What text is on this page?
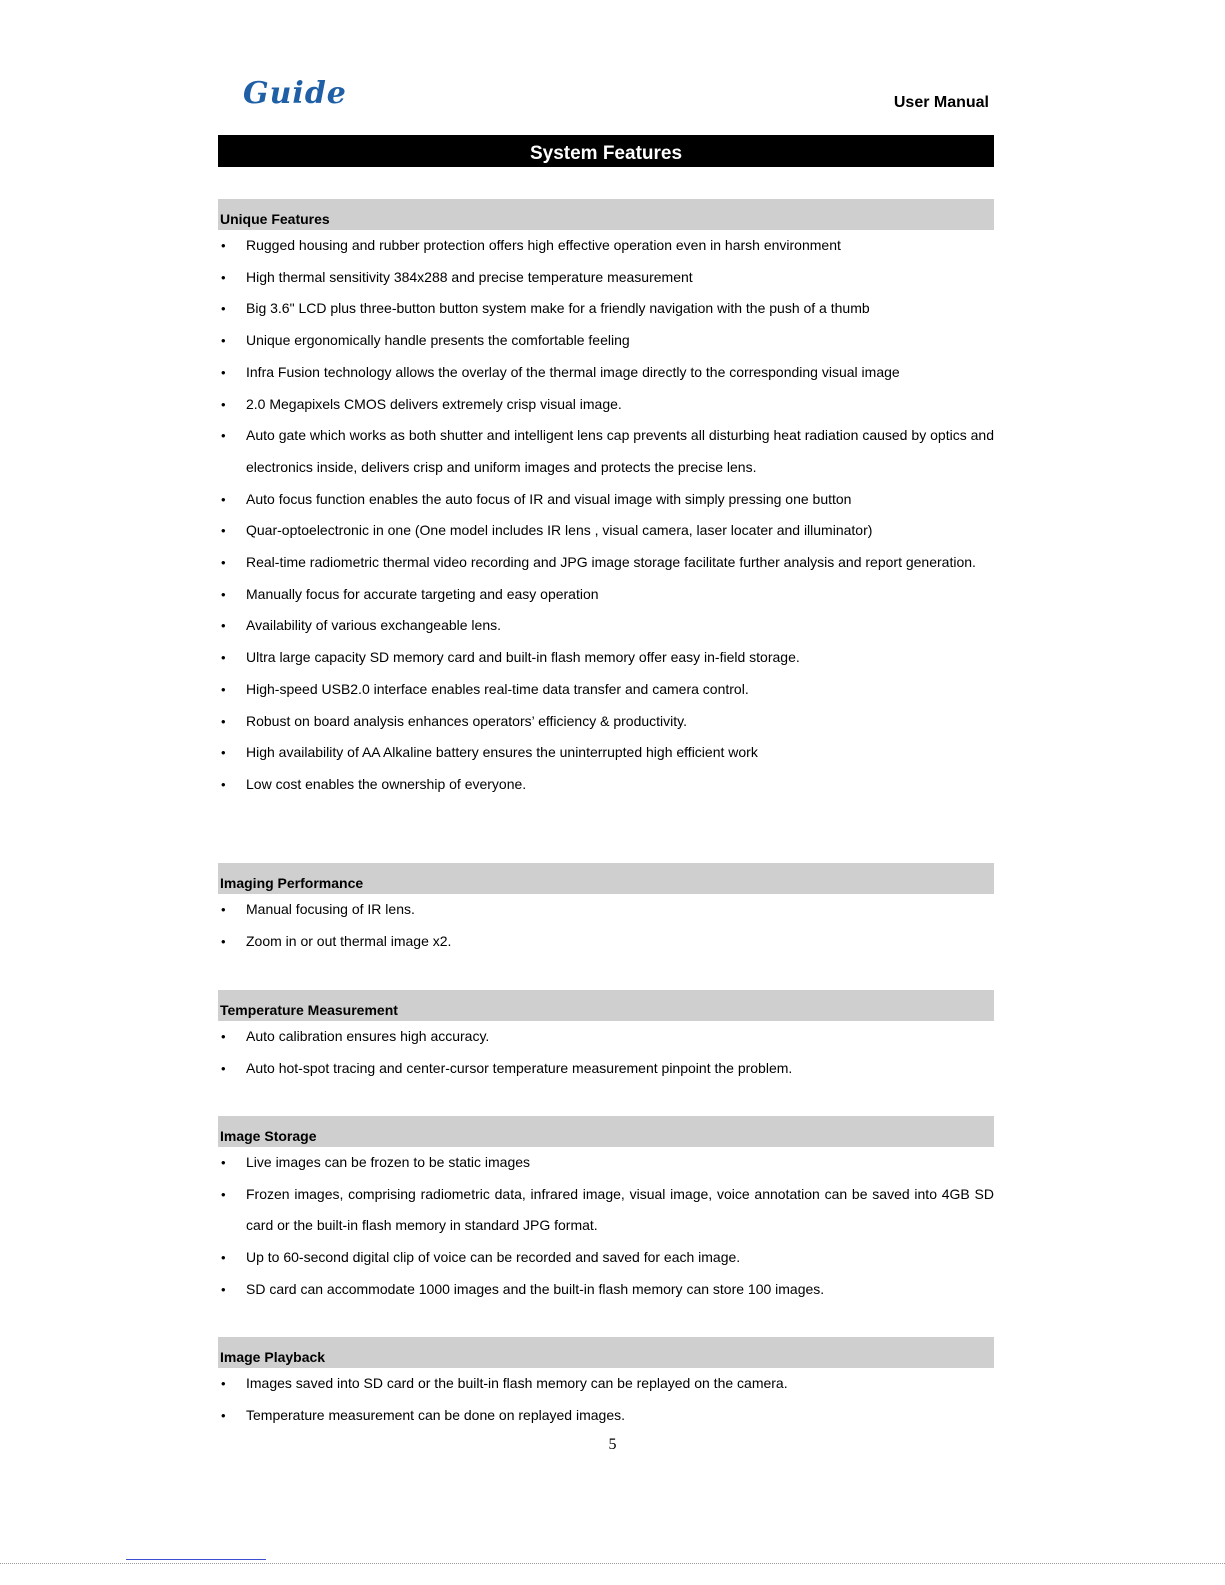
Guide	User Manual
System Features
Unique Features
• Rugged housing and rubber protection offers high effective operation even in harsh environment
• High thermal sensitivity 384x288 and precise temperature measurement
• Big 3.6" LCD plus three-button button system make for a friendly navigation with the push of a thumb
• Unique ergonomically handle presents the comfortable feeling
• Infra Fusion technology allows the overlay of the thermal image directly to the corresponding visual image
• 2.0 Megapixels CMOS delivers extremely crisp visual image.
• Auto gate which works as both shutter and intelligent lens cap prevents all disturbing heat radiation caused by optics and electronics inside, delivers crisp and uniform images and protects the precise lens.
• Auto focus function enables the auto focus of IR and visual image with simply pressing one button
• Quar-optoelectronic in one (One model includes IR lens , visual camera, laser locater and illuminator)
• Real-time radiometric thermal video recording and JPG image storage facilitate further analysis and report generation.
• Manually focus for accurate targeting and easy operation
• Availability of various exchangeable lens.
• Ultra large capacity SD memory card and built-in flash memory offer easy in-field storage.
• High-speed USB2.0 interface enables real-time data transfer and camera control.
• Robust on board analysis enhances operators’ efficiency & productivity.
• High availability of AA Alkaline battery ensures the uninterrupted high efficient work
• Low cost enables the ownership of everyone.
Imaging Performance
• Manual focusing of IR lens.
• Zoom in or out thermal image x2.
Temperature Measurement
• Auto calibration ensures high accuracy.
• Auto hot-spot tracing and center-cursor temperature measurement pinpoint the problem.
Image Storage
• Live images can be frozen to be static images
• Frozen images, comprising radiometric data, infrared image, visual image, voice annotation can be saved into 4GB SD card or the built-in flash memory in standard JPG format.
• Up to 60-second digital clip of voice can be recorded and saved for each image.
• SD card can accommodate 1000 images and the built-in flash memory can store 100 images.
Image Playback
• Images saved into SD card or the built-in flash memory can be replayed on the camera.
• Temperature measurement can be done on replayed images.
5
